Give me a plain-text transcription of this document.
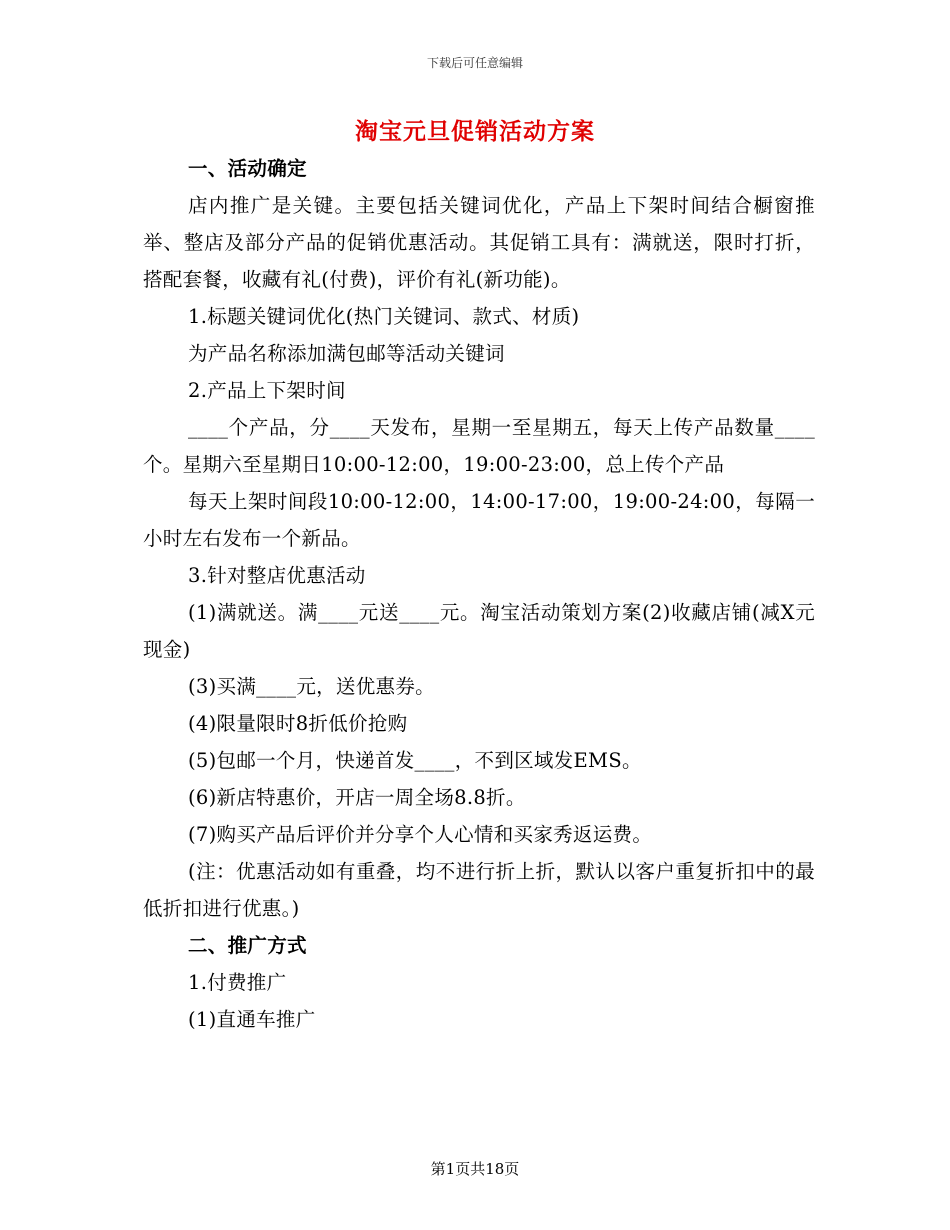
下载后可任意编辑
淘宝元旦促销活动方案

一、活动确定

店内推广是关键。主要包括关键词优化，产品上下架时间结合橱窗推举、整店及部分产品的促销优惠活动。其促销工具有：满就送，限时打折，搭配套餐，收藏有礼(付费)，评价有礼(新功能)。

1.标题关键词优化(热门关键词、款式、材质)

为产品名称添加满包邮等活动关键词

2.产品上下架时间

____个产品，分____天发布，星期一至星期五，每天上传产品数量____个。星期六至星期日10:00-12:00，19:00-23:00，总上传个产品

每天上架时间段10:00-12:00，14:00-17:00，19:00-24:00，每隔一小时左右发布一个新品。

3.针对整店优惠活动

(1)满就送。满____元送____元。淘宝活动策划方案(2)收藏店铺(减X元现金)

(3)买满____元，送优惠券。

(4)限量限时8折低价抢购

(5)包邮一个月，快递首发____，不到区域发EMS。

(6)新店特惠价，开店一周全场8.8折。

(7)购买产品后评价并分享个人心情和买家秀返运费。

(注：优惠活动如有重叠，均不进行折上折，默认以客户重复折扣中的最低折扣进行优惠。)

二、推广方式

1.付费推广

(1)直通车推广

第1页共18页
